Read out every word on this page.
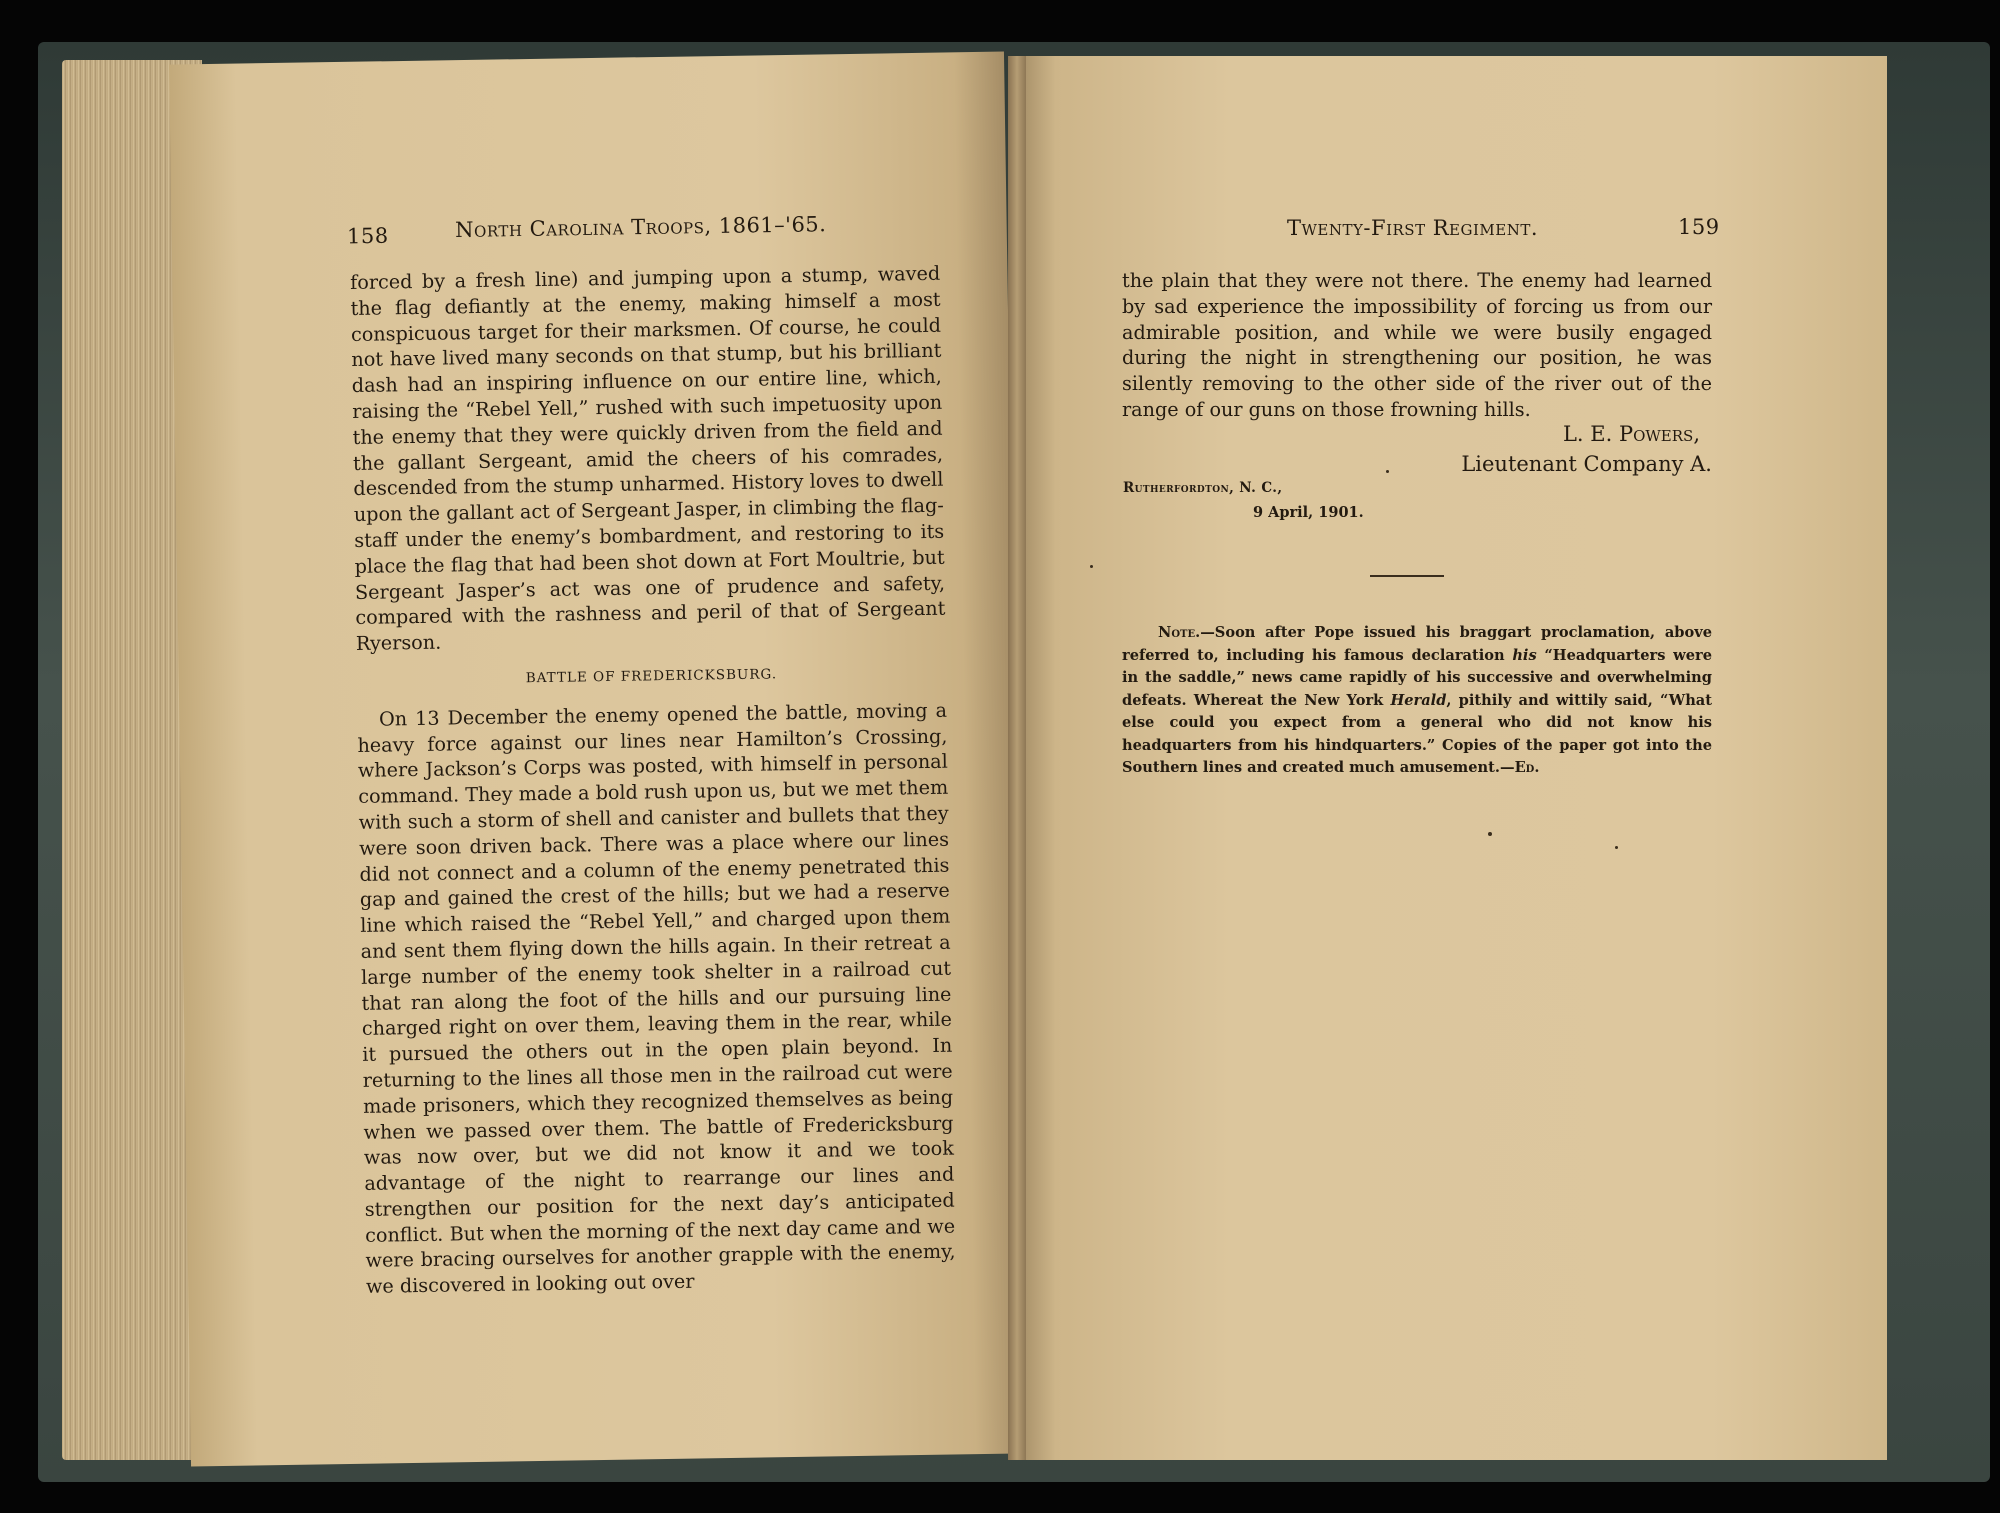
158	North Carolina Troops, 1861–'65.

forced by a fresh line) and jumping upon a stump, waved the flag defiantly at the enemy, making himself a most conspicuous target for their marksmen. Of course, he could not have lived many seconds on that stump, but his brilliant dash had an inspiring influence on our entire line, which, raising the “Rebel Yell,” rushed with such impetuosity upon the enemy that they were quickly driven from the field and the gallant Sergeant, amid the cheers of his comrades, descended from the stump unharmed. History loves to dwell upon the gallant act of Sergeant Jasper, in climbing the flag-staff under the enemy’s bombardment, and restoring to its place the flag that had been shot down at Fort Moultrie, but Sergeant Jasper’s act was one of prudence and safety, compared with the rashness and peril of that of Sergeant Ryerson.

BATTLE OF FREDERICKSBURG.

On 13 December the enemy opened the battle, moving a heavy force against our lines near Hamilton’s Crossing, where Jackson’s Corps was posted, with himself in personal command. They made a bold rush upon us, but we met them with such a storm of shell and canister and bullets that they were soon driven back. There was a place where our lines did not connect and a column of the enemy penetrated this gap and gained the crest of the hills; but we had a reserve line which raised the “Rebel Yell,” and charged upon them and sent them flying down the hills again. In their retreat a large number of the enemy took shelter in a railroad cut that ran along the foot of the hills and our pursuing line charged right on over them, leaving them in the rear, while it pursued the others out in the open plain beyond. In returning to the lines all those men in the railroad cut were made prisoners, which they recognized themselves as being when we passed over them. The battle of Fredericksburg was now over, but we did not know it and we took advantage of the night to rearrange our lines and strengthen our position for the next day’s anticipated conflict. But when the morning of the next day came and we were bracing ourselves for another grapple with the enemy, we discovered in looking out over

Twenty-First Regiment.	159

the plain that they were not there. The enemy had learned by sad experience the impossibility of forcing us from our admirable position, and while we were busily engaged during the night in strengthening our position, he was silently removing to the other side of the river out of the range of our guns on those frowning hills.

L. E. Powers,
Lieutenant Company A.
Rutherfordton, N. C.,
9 April, 1901.
Note.—Soon after Pope issued his braggart proclamation, above referred to, including his famous declaration his “Headquarters were in the saddle,” news came rapidly of his successive and overwhelming defeats. Whereat the New York Herald, pithily and wittily said, “What else could you expect from a general who did not know his headquarters from his hindquarters.” Copies of the paper got into the Southern lines and created much amusement.—Ed.
